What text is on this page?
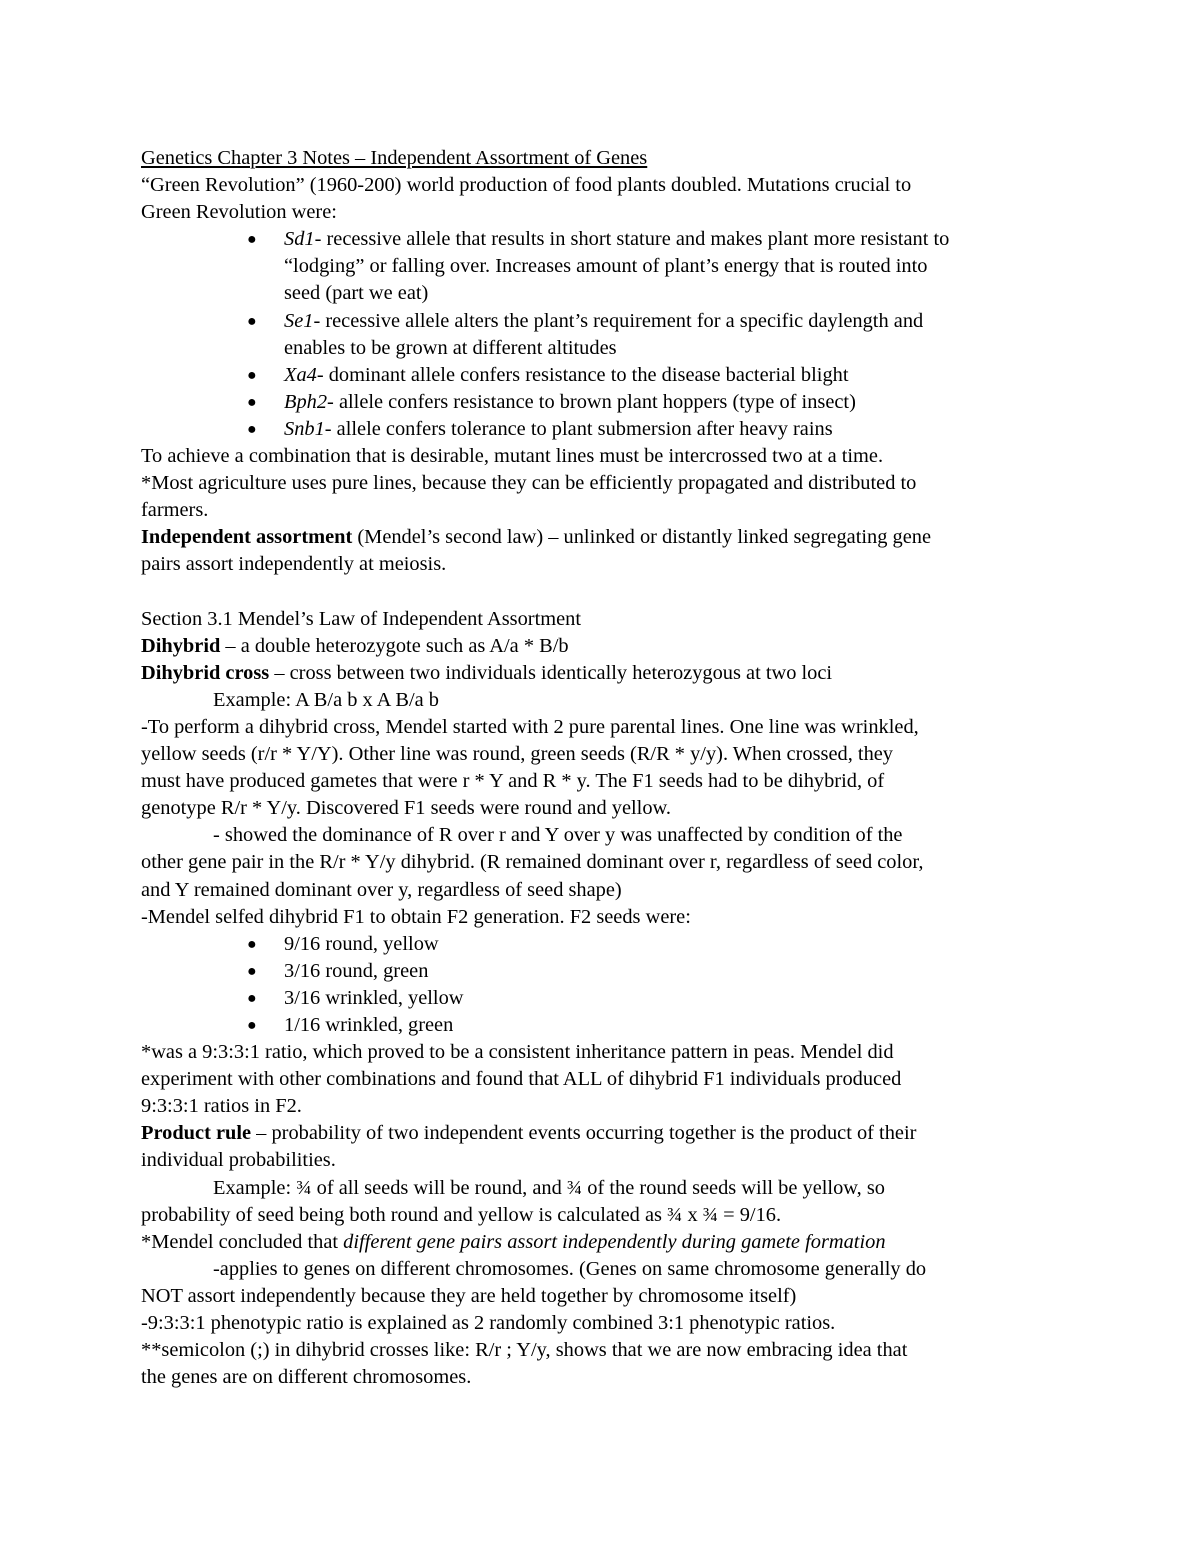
Genetics Chapter 3 Notes – Independent Assortment of Genes
“Green Revolution” (1960-200) world production of food plants doubled. Mutations crucial to
Green Revolution were:
● Sd1- recessive allele that results in short stature and makes plant more resistant to
“lodging” or falling over. Increases amount of plant’s energy that is routed into
seed (part we eat)
● Se1- recessive allele alters the plant’s requirement for a specific daylength and
enables to be grown at different altitudes
● Xa4- dominant allele confers resistance to the disease bacterial blight
● Bph2- allele confers resistance to brown plant hoppers (type of insect)
● Snb1- allele confers tolerance to plant submersion after heavy rains
To achieve a combination that is desirable, mutant lines must be intercrossed two at a time.
*Most agriculture uses pure lines, because they can be efficiently propagated and distributed to
farmers.
Independent assortment (Mendel’s second law) – unlinked or distantly linked segregating gene
pairs assort independently at meiosis.
Section 3.1 Mendel’s Law of Independent Assortment
Dihybrid – a double heterozygote such as A/a * B/b
Dihybrid cross – cross between two individuals identically heterozygous at two loci
Example: A B/a b x A B/a b
-To perform a dihybrid cross, Mendel started with 2 pure parental lines. One line was wrinkled,
yellow seeds (r/r * Y/Y). Other line was round, green seeds (R/R * y/y). When crossed, they
must have produced gametes that were r * Y and R * y. The F1 seeds had to be dihybrid, of
genotype R/r * Y/y. Discovered F1 seeds were round and yellow.
- showed the dominance of R over r and Y over y was unaffected by condition of the
other gene pair in the R/r * Y/y dihybrid. (R remained dominant over r, regardless of seed color,
and Y remained dominant over y, regardless of seed shape)
-Mendel selfed dihybrid F1 to obtain F2 generation. F2 seeds were:
● 9/16 round, yellow
● 3/16 round, green
● 3/16 wrinkled, yellow
● 1/16 wrinkled, green
*was a 9:3:3:1 ratio, which proved to be a consistent inheritance pattern in peas. Mendel did
experiment with other combinations and found that ALL of dihybrid F1 individuals produced
9:3:3:1 ratios in F2.
Product rule – probability of two independent events occurring together is the product of their
individual probabilities.
Example: ¾ of all seeds will be round, and ¾ of the round seeds will be yellow, so
probability of seed being both round and yellow is calculated as ¾ x ¾ = 9/16.
*Mendel concluded that different gene pairs assort independently during gamete formation
-applies to genes on different chromosomes. (Genes on same chromosome generally do
NOT assort independently because they are held together by chromosome itself)
-9:3:3:1 phenotypic ratio is explained as 2 randomly combined 3:1 phenotypic ratios.
**semicolon (;) in dihybrid crosses like: R/r ; Y/y, shows that we are now embracing idea that
the genes are on different chromosomes.
